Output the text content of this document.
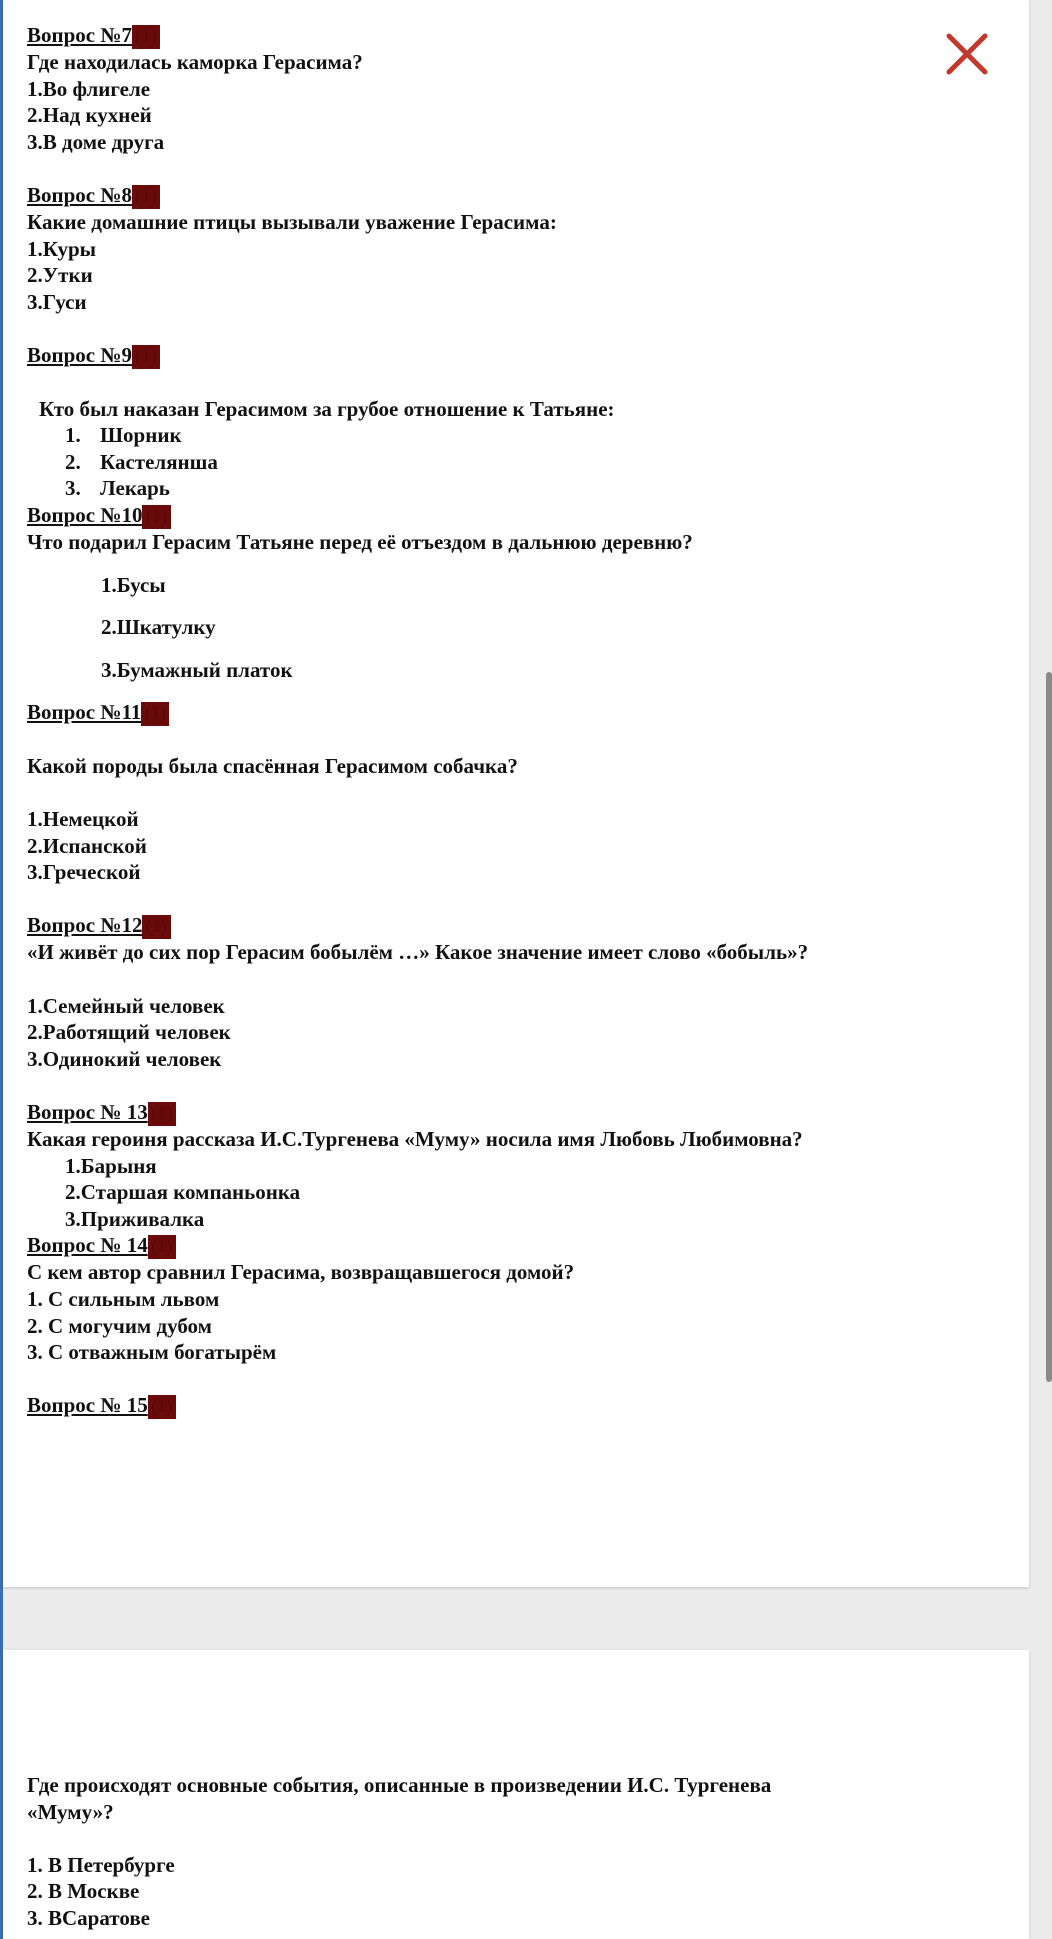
Вопрос №7 (1)
Где находилась каморка Герасима?
1.Во флигеле
2.Над кухней
3.В доме друга
Вопрос №8 (1)
Какие домашние птицы вызывали уважение Герасима:
1.Куры
2.Утки
3.Гуси
Вопрос №9 (1)
Кто был наказан Герасимом за грубое отношение к Татьяне:
1. Шорник
2. Кастелянша
3. Лекарь
Вопрос №10 (1)
Что подарил Герасим Татьяне перед её отъездом в дальнюю деревню?
1.Бусы
2.Шкатулку
3.Бумажный платок
Вопрос №11 (1)
Какой породы была спасённая Герасимом собачка?
1.Немецкой
2.Испанской
3.Греческой
Вопрос №12 (1)
«И живёт до сих пор Герасим бобылём …» Какое значение имеет слово «бобыль»?
1.Семейный человек
2.Работящий человек
3.Одинокий человек
Вопрос № 13 (1)
Какая героиня рассказа И.С.Тургенева «Муму» носила имя Любовь Любимовна?
1.Барыня
2.Старшая компаньонка
3.Приживалка
Вопрос № 14 (1)
С кем автор сравнил Герасима, возвращавшегося домой?
1. С сильным львом
2. С могучим дубом
3. С отважным богатырём
Вопрос № 15 (1)
Где происходят основные события, описанные в произведении И.С. Тургенева
«Муму»?
1. В Петербурге
2. В Москве
3. ВСаратове
